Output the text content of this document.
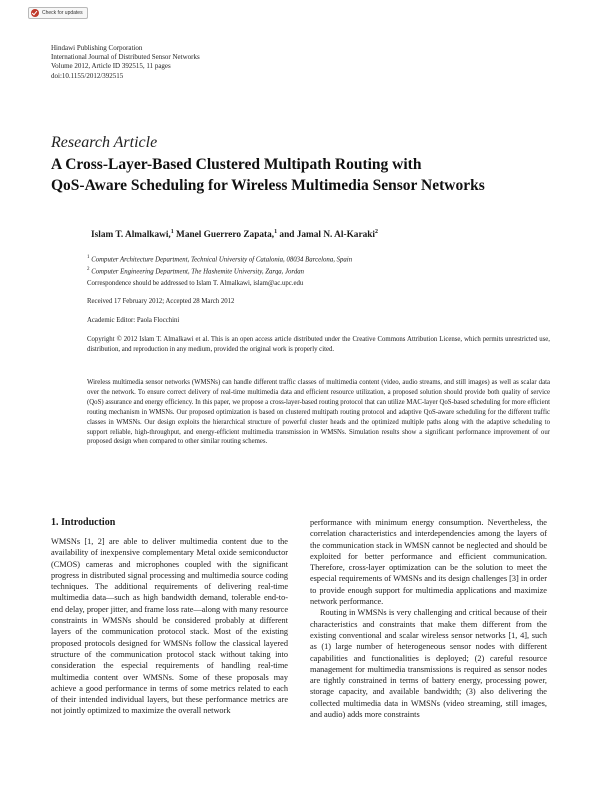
Check for updates
Hindawi Publishing Corporation
International Journal of Distributed Sensor Networks
Volume 2012, Article ID 392515, 11 pages
doi:10.1155/2012/392515
Research Article
A Cross-Layer-Based Clustered Multipath Routing with
QoS-Aware Scheduling for Wireless Multimedia Sensor Networks
Islam T. Almalkawi,$^1$ Manel Guerrero Zapata,$^1$ and Jamal N. Al-Karaki$^2$
$^1$ Computer Architecture Department, Technical University of Catalonia, 08034 Barcelona, Spain
$^2$ Computer Engineering Department, The Hashemite University, Zarqa, Jordan
Correspondence should be addressed to Islam T. Almalkawi, islam@ac.upc.edu
Received 17 February 2012; Accepted 28 March 2012
Academic Editor: Paola Flocchini
Copyright © 2012 Islam T. Almalkawi et al. This is an open access article distributed under the Creative Commons Attribution License, which permits unrestricted use, distribution, and reproduction in any medium, provided the original work is properly cited.
Wireless multimedia sensor networks (WMSNs) can handle different traffic classes of multimedia content (video, audio streams, and still images) as well as scalar data over the network. To ensure correct delivery of real-time multimedia data and efficient resource utilization, a proposed solution should provide both quality of service (QoS) assurance and energy efficiency. In this paper, we propose a cross-layer-based routing protocol that can utilize MAC-layer QoS-based scheduling for more efficient routing mechanism in WMSNs. Our proposed optimization is based on clustered multipath routing protocol and adaptive QoS-aware scheduling for the different traffic classes in WMSNs. Our design exploits the hierarchical structure of powerful cluster heads and the optimized multiple paths along with the adaptive scheduling to support reliable, high-throughput, and energy-efficient multimedia transmission in WMSNs. Simulation results show a significant performance improvement of our proposed design when compared to other similar routing schemes.
1. Introduction

WMSNs [1, 2] are able to deliver multimedia content due to the availability of inexpensive complementary Metal oxide semiconductor (CMOS) cameras and microphones coupled with the significant progress in distributed signal processing and multimedia source coding techniques. The additional requirements of delivering real-time multimedia data—such as high bandwidth demand, tolerable end-to-end delay, proper jitter, and frame loss rate—along with many resource constraints in WMSNs should be considered probably at different layers of the communication protocol stack. Most of the existing proposed protocols designed for WMSNs follow the classical layered structure of the communication protocol stack without taking into consideration the especial requirements of handling real-time multimedia content over WMSNs. Some of these proposals may achieve a good performance in terms of some metrics related to each of their intended individual layers, but these performance metrics are not jointly optimized to maximize the overall network

performance with minimum energy consumption. Nevertheless, the correlation characteristics and interdependencies among the layers of the communication stack in WMSN cannot be neglected and should be exploited for better performance and efficient communication. Therefore, cross-layer optimization can be the solution to meet the especial requirements of WMSNs and its design challenges [3] in order to provide enough support for multimedia applications and maximize network performance.

Routing in WMSNs is very challenging and critical because of their characteristics and constraints that make them different from the existing conventional and scalar wireless sensor networks [1, 4], such as (1) large number of heterogeneous sensor nodes with different capabilities and functionalities is deployed; (2) careful resource management for multimedia transmissions is required as sensor nodes are tightly constrained in terms of battery energy, processing power, storage capacity, and available bandwidth; (3) also delivering the collected multimedia data in WMSNs (video streaming, still images, and audio) adds more constraints
